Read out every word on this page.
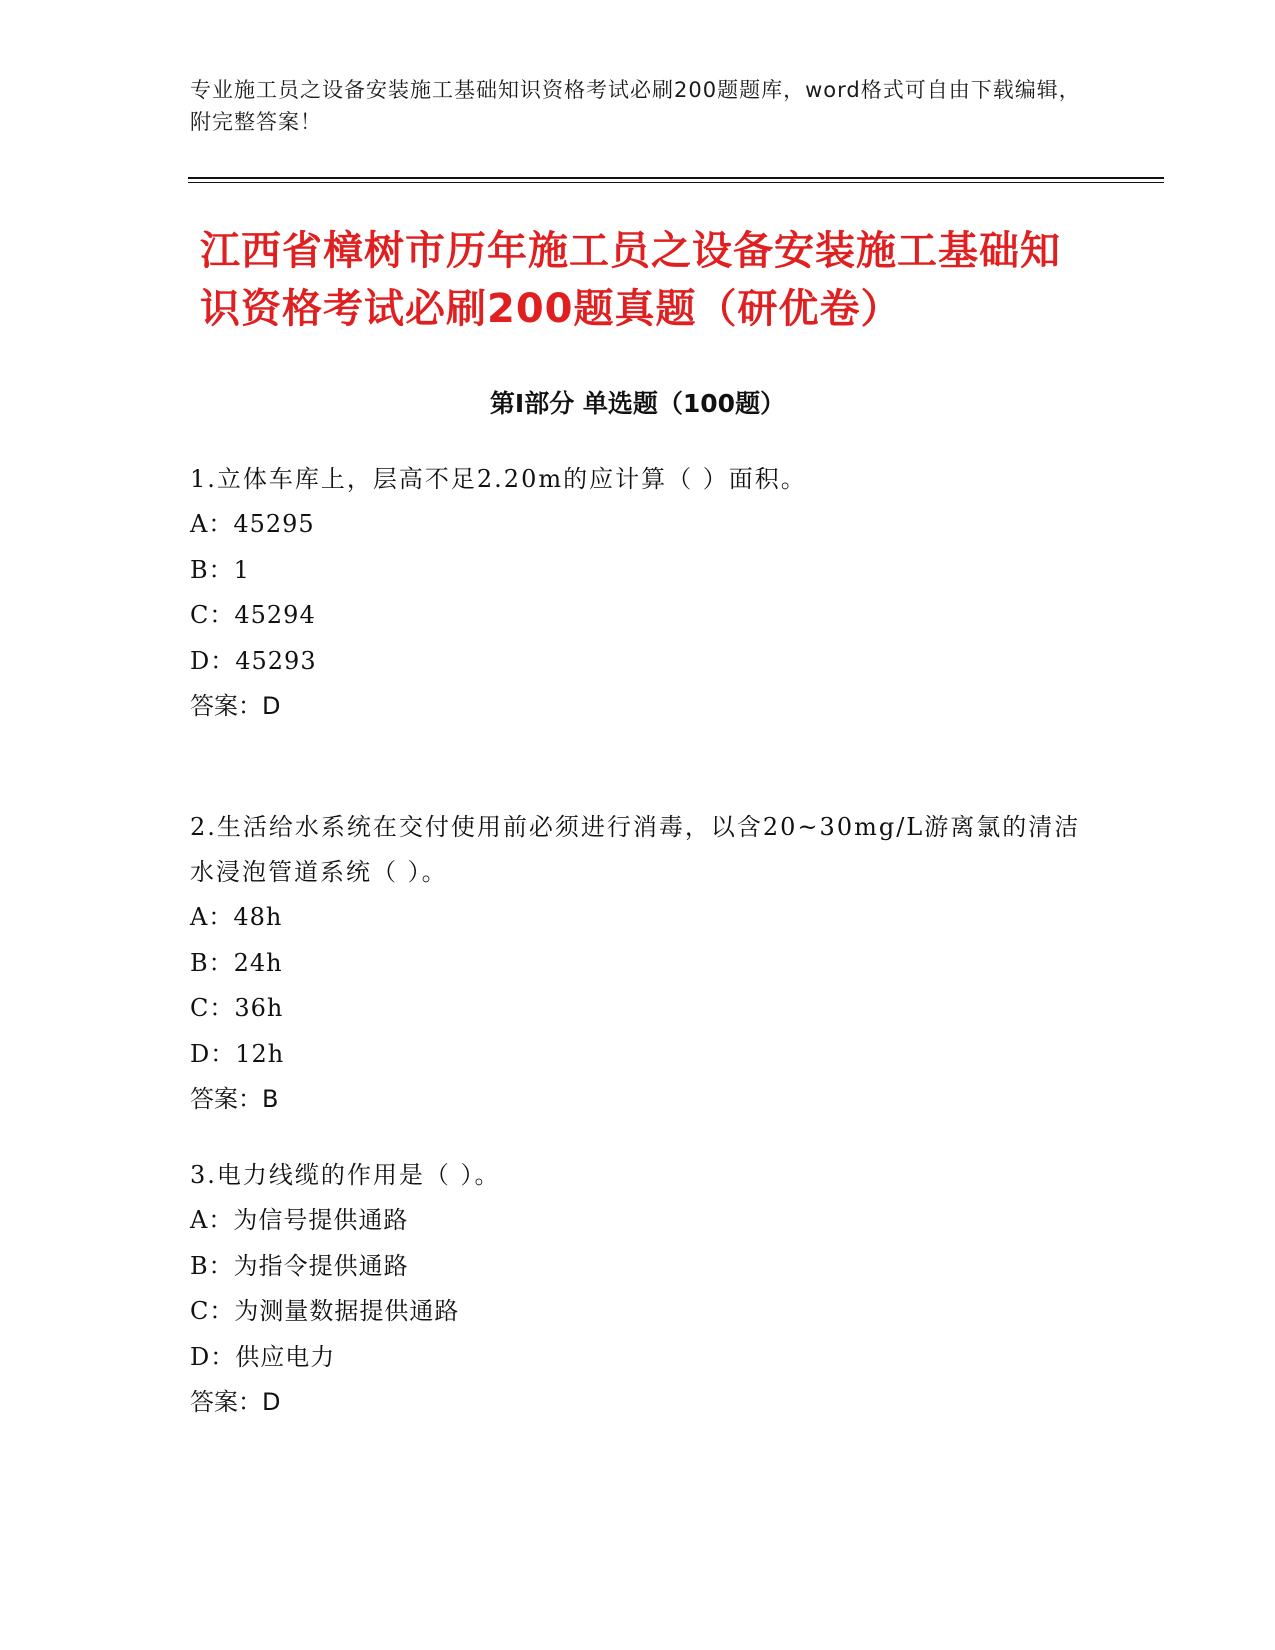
专业施工员之设备安装施工基础知识资格考试必刷200题题库，word格式可自由下载编辑，附完整答案！
江西省樟树市历年施工员之设备安装施工基础知识资格考试必刷200题真题（研优卷）
第Ⅰ部分 单选题（100题）

1.立体车库上，层高不足2.20m的应计算（ ）面积。

A：45295

B：1

C：45294

D：45293

答案：D

2.生活给水系统在交付使用前必须进行消毒，以含20~30mg/L游离氯的清洁水浸泡管道系统（ ）。

A：48h

B：24h

C：36h

D：12h

答案：B

3.电力线缆的作用是（ ）。

A：为信号提供通路

B：为指令提供通路

C：为测量数据提供通路

D：供应电力

答案：D
